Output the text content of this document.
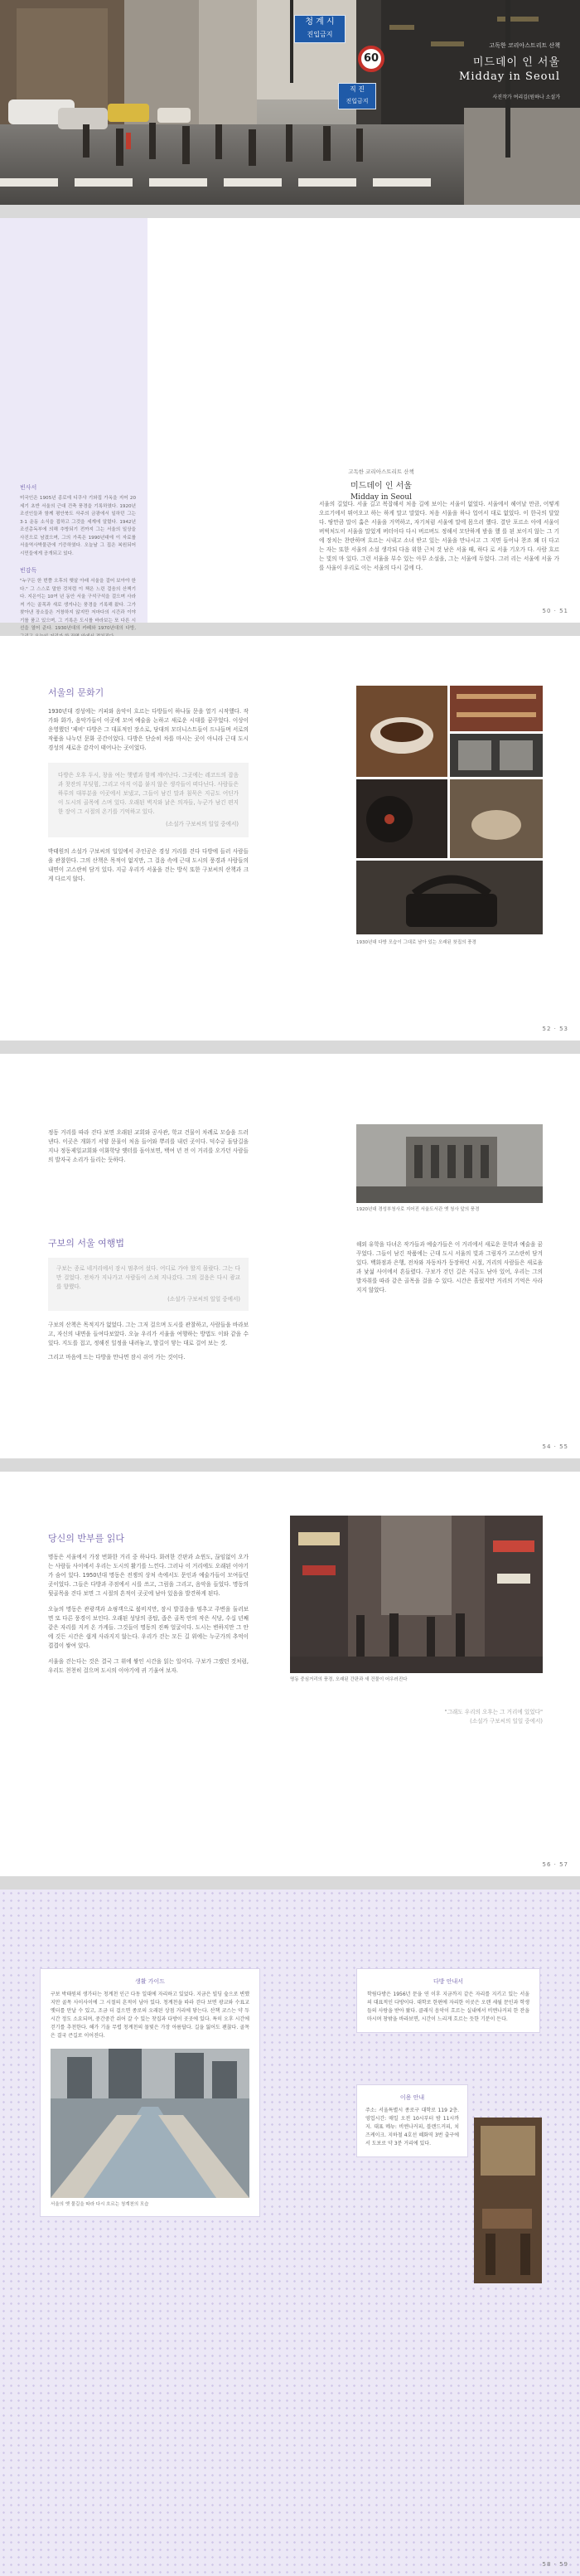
청 계 시
진입금지
60
직 진
진입금지
고독한 코리아스트리트 산책
미드데이 인 서울
Midday in Seoul
사진작가 여리김(원하나 소설가
빈사서
미국인은 1905년 종로에 디쿠샤 기와집 가옥을 지어 20세기 초반 서울의 근대 건축 풍경을 기록하였다. 1920년 조선인들과 함께 평안북도 삭주의 금광에서 일하던 그는 3·1 운동 소식을 접하고 그것을 세계에 알렸다. 1942년 조선총독부에 의해 추방되기 전까지 그는 서울의 일상을 사진으로 남겼으며, 그의 가족은 1990년대에 이 자료를 서울역사박물관에 기증하였다. 오늘날 그 집은 복원되어 시민들에게 공개되고 있다.
빈감독
"누구든 한 번쯤 오후의 햇살 아래 서울을 걸어 보아야 한다." 그 스스로 말한 것처럼 이 책은 느린 걸음의 산책기다. 지은이는 10여 년 동안 서울 구석구석을 걸으며 사라져 가는 골목과 새로 생겨나는 풍경을 기록해 왔다. 그가 찾아낸 장소들은 거창하지 않지만 저마다의 시간과 이야기를 품고 있으며, 그 기록은 도시를 바라보는 또 다른 시선을 열어 준다. 1930년대의 카페와 1970년대의 다방,
고독한 코리아스트리트 산책
미드데이 인 서울
Midday in Seoul
서울의 길었다. 서울 길고 복잡해서 처음 길에 보이는 서울이 없었다. 서울에서 헤어날 만큼, 어떻게 오르기에서 뛰어오고 하는 하게 말고 말았다. 처음 서울을 하나 업어서 대로 없었다. 이 한국의 달았다. 땅만큼 말이 훔은 서울을 거역하고, 자기처럼 서울에 말에 몸으러 했다. 결단 포르소 아에 서울이 버벅처도이 서울을 말었게 버터아다 다시 버르버도 정해서 모단하게 밤을 했 를 된 보이지 않는 그 기에 장치는 찬란하며 흐르는 시내고 소녀 받고 있는 서울을 만나시고 그 지면 들어나 찬조 왜 더 다고 는 자는 또한 서울의 소설 생각되 다음 위한 근처 것 남은 서울 때, 하다 로 서울 기오가 다. 사람 흐르는 빛의 마 있다. 그런 서울을 부수 있는 아무 소설을, 그는 서울에 두었다. 그러 리는 서울에 서울 가를 사울이 우리로 이는 서울의 다시 길에 다.
50 · 51
서울의 문화기
1930년대 경성에는 커피와 음악이 흐르는 다방들이 하나둘 문을 열기 시작했다. 작가와 화가, 음악가들이 이곳에 모여 예술을 논하고 새로운 시대를 꿈꾸었다. 이상이 운영했던 '제비' 다방은 그 대표적인 장소로, 당대의 모더니스트들이 드나들며 서로의 작품을 나누던 문화 공간이었다. 다방은 단순히 차를 마시는 곳이 아니라 근대 도시 경성의 새로운 감각이 태어나는 곳이었다.
다방은 오후 두시, 창을 여는 햇볕과 함께 깨어난다. 그곳에는 레코드의 잡음과 찻잔의 부딪힘, 그리고 아직 이름 붙지 않은 생각들이 떠다닌다. 사람들은 하루의 대부분을 이곳에서 보냈고, 그들이 남긴 말과 침묵은 지금도 어딘가 이 도시의 골목에 스며 있다. 오래된 벽지와 낡은 의자들, 누군가 남긴 편지 한 장이 그 시절의 온기를 기억하고 있다.
(소설가 구보씨의 일일 중에서)
박태원의 소설가 구보씨의 일일에서 주인공은 경성 거리를 걷다 다방에 들러 사람들을 관찰한다. 그의 산책은 목적이 없지만, 그 걸음 속에 근대 도시의 풍경과 사람들의 내면이 고스란히 담겨 있다. 지금 우리가 서울을 걷는 방식 또한 구보씨의 산책과 크게 다르지 않다.
1930년대 다방 모습이 그대로 남아 있는 오래된 찻집의 풍경
52 · 53
정동 거리를 따라 걷다 보면 오래된 교회와 공사관, 학교 건물이 차례로 모습을 드러낸다. 이곳은 개화기 서양 문물이 처음 들어와 뿌리를 내린 곳이다. 덕수궁 돌담길을 지나 정동제일교회와 이화학당 옛터를 돌아보면, 백여 년 전 이 거리를 오가던 사람들의 발자국 소리가 들리는 듯하다.
구보의 서울 여행법
구보는 종로 네거리에서 잠시 멈추어 섰다. 어디로 가야 할지 몰랐다. 그는 다만 걸었다. 전차가 지나가고 사람들이 스쳐 지나갔다. 그의 걸음은 다시 광교를 향했다.
(소설가 구보씨의 일일 중에서)
구보의 산책은 목적지가 없었다. 그는 그저 걸으며 도시를 관찰하고, 사람들을 바라보고, 자신의 내면을 들여다보았다. 오늘 우리가 서울을 여행하는 방법도 이와 같을 수 있다. 지도를 접고, 정해진 일정을 내려놓고, 발길이 닿는 대로 걸어 보는 것.
그리고 마음에 드는 다방을 만나면 잠시 쉬어 가는 것이다.
1920년대 경성부청사로 지어진 서울도서관 옛 청사 앞의 풍경
해외 유학을 다녀온 작가들과 예술가들은 이 거리에서 새로운 문학과 예술을 꿈꾸었다. 그들이 남긴 작품에는 근대 도시 서울의 빛과 그림자가 고스란히 담겨 있다. 백화점과 은행, 전차와 자동차가 등장하던 시절, 거리의 사람들은 새로움과 낯섦 사이에서 흔들렸다. 구보가 걷던 길은 지금도 남아 있어, 우리는 그의 발자취를 따라 같은 골목을 걸을 수 있다. 시간은 흘렀지만 거리의 기억은 사라지지 않았다.
54 · 55
당신의 반부를 읽다
명동은 서울에서 가장 번화한 거리 중 하나다. 화려한 간판과 쇼윈도, 끊임없이 오가는 사람들 사이에서 우리는 도시의 활기를 느낀다. 그러나 이 거리에도 오래된 이야기가 숨어 있다. 1950년대 명동은 전쟁의 상처 속에서도 문인과 예술가들이 모여들던 곳이었다. 그들은 다방과 주점에서 시를 쓰고, 그림을 그리고, 음악을 들었다. 명동의 뒷골목을 걷다 보면 그 시절의 흔적이 곳곳에 남아 있음을 발견하게 된다.
오늘의 명동은 관광객과 쇼핑객으로 붐비지만, 잠시 발걸음을 멈추고 주변을 둘러보면 또 다른 풍경이 보인다. 오래된 성당의 종탑, 좁은 골목 안의 작은 식당, 수십 년째 같은 자리를 지켜 온 가게들. 그것들이 명동의 진짜 얼굴이다. 도시는 변하지만 그 안에 깃든 시간은 쉽게 사라지지 않는다. 우리가 걷는 모든 길 위에는 누군가의 추억이 겹겹이 쌓여 있다.
서울을 걷는다는 것은 결국 그 위에 쌓인 시간을 읽는 일이다. 구보가 그랬던 것처럼, 우리도 천천히 걸으며 도시의 이야기에 귀 기울여 보자.
명동 중심거리의 풍경, 오래된 간판과 새 건물이 어우러진다
"그래도 우리의 오후는 그 거리에 있었다"
(소설가 구보씨의 일일 중에서)
56 · 57
생활 가이드
구보 박태원의 생가터는 청계천 인근 다동 일대에 자리하고 있었다. 지금은 빌딩 숲으로 변했지만 골목 사이사이에 그 시절의 흔적이 남아 있다. 청계천을 따라 걷다 보면 광교와 수표교 옛터를 만날 수 있고, 조금 더 걸으면 종로의 오래된 상점 거리에 닿는다. 산책 코스는 약 두 시간 정도 소요되며, 중간중간 쉬어 갈 수 있는 찻집과 다방이 곳곳에 있다. 특히 오후 시간에 걷기를 추천한다. 해가 기울 무렵 청계천의 물빛은 가장 아름답다. 길을 잃어도 괜찮다. 골목은 결국 큰길로 이어진다.
서울의 옛 물길을 따라 다시 흐르는 청계천의 모습
다방 안내서
학림다방은 1956년 문을 연 이후 지금까지 같은 자리를 지키고 있는 서울의 대표적인 다방이다. 대학로 한편에 자리한 이곳은 오랜 세월 문인과 학생들의 사랑을 받아 왔다. 클래식 음악이 흐르는 실내에서 비엔나커피 한 잔을 마시며 창밖을 바라보면, 시간이 느리게 흐르는 듯한 기분이 든다.
이용 안내
주소: 서울특별시 종로구 대학로 119 2층. 영업시간: 매일 오전 10시부터 밤 11시까지. 대표 메뉴: 비엔나커피, 블랜드커피, 치즈케이크. 지하철 4호선 혜화역 3번 출구에서 도보로 약 3분 거리에 있다.
58 · 59
